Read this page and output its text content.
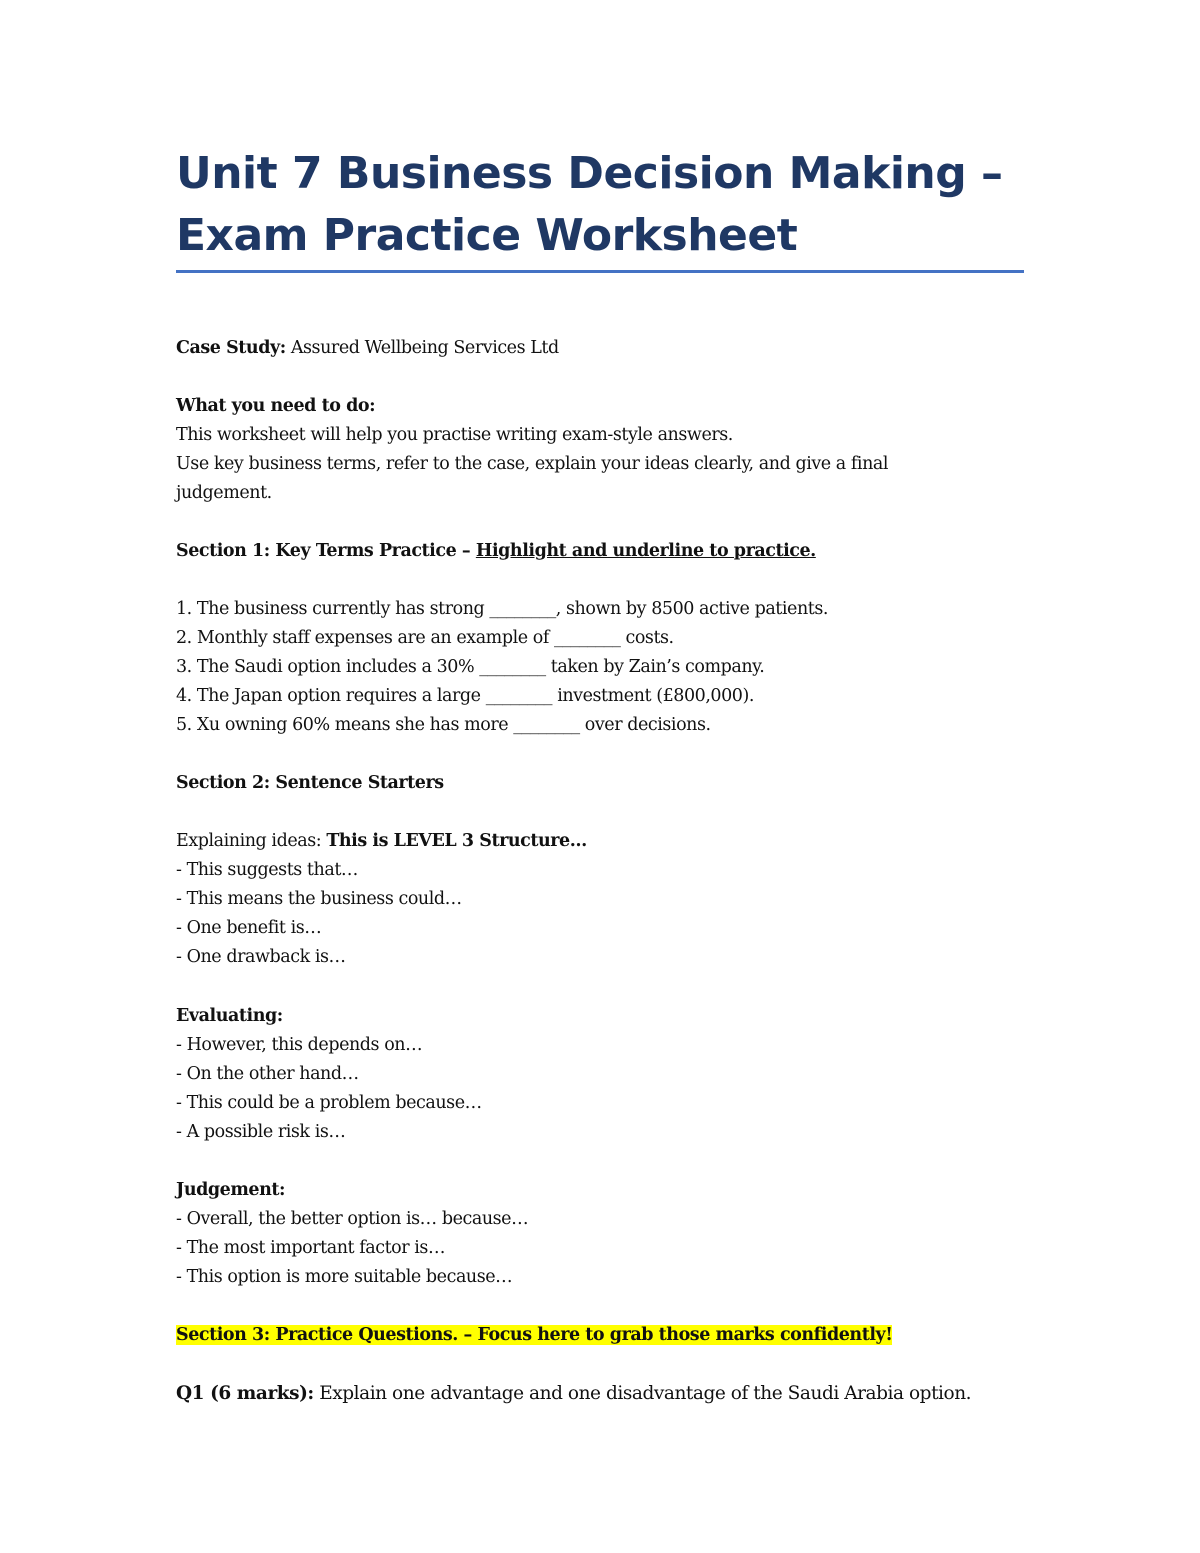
Unit 7 Business Decision Making –
Exam Practice Worksheet
Case Study: Assured Wellbeing Services Ltd
What you need to do:
This worksheet will help you practise writing exam-style answers.
Use key business terms, refer to the case, explain your ideas clearly, and give a final
judgement.
Section 1: Key Terms Practice – Highlight and underline to practice.
1. The business currently has strong ________, shown by 8500 active patients.
2. Monthly staff expenses are an example of ________ costs.
3. The Saudi option includes a 30% ________ taken by Zain’s company.
4. The Japan option requires a large ________ investment (£800,000).
5. Xu owning 60% means she has more ________ over decisions.
Section 2: Sentence Starters
Explaining ideas: This is LEVEL 3 Structure…
- This suggests that…
- This means the business could…
- One benefit is…
- One drawback is…
Evaluating:
- However, this depends on…
- On the other hand…
- This could be a problem because…
- A possible risk is…
Judgement:
- Overall, the better option is… because…
- The most important factor is…
- This option is more suitable because…
Section 3: Practice Questions. – Focus here to grab those marks confidently!
Q1 (6 marks): Explain one advantage and one disadvantage of the Saudi Arabia option.
